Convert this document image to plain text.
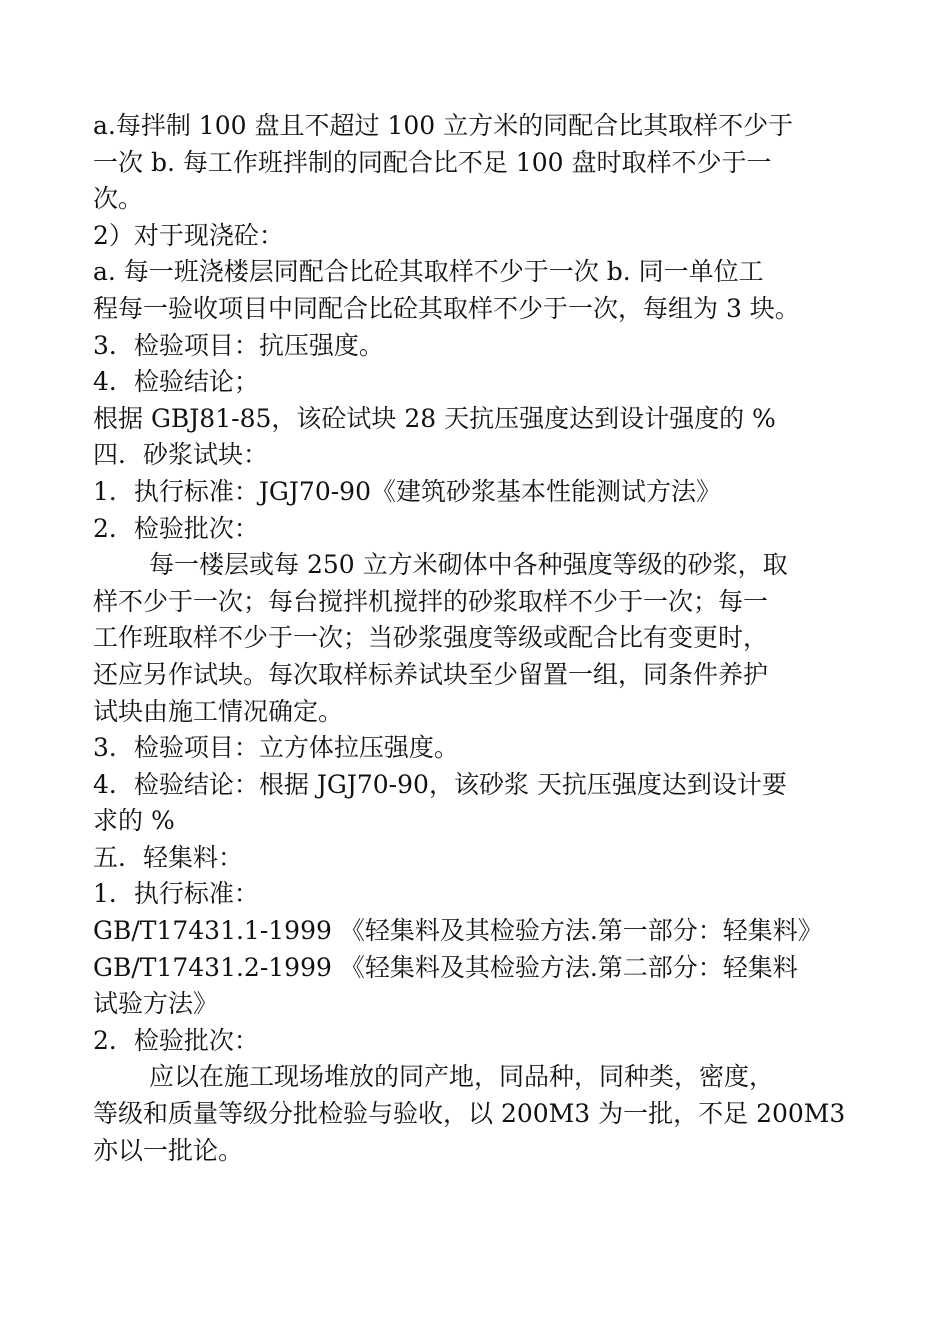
a.每拌制 100 盘且不超过 100 立方米的同配合比其取样不少于
一次 b. 每工作班拌制的同配合比不足 100 盘时取样不少于一
次。
2）对于现浇砼：
a. 每一班浇楼层同配合比砼其取样不少于一次 b. 同一单位工
程每一验收项目中同配合比砼其取样不少于一次，每组为 3 块。
3．检验项目：抗压强度。
4．检验结论；
根据 GBJ81-85，该砼试块 28 天抗压强度达到设计强度的 %
四．砂浆试块：
1．执行标准：JGJ70-90《建筑砂浆基本性能测试方法》
2．检验批次：
每一楼层或每 250 立方米砌体中各种强度等级的砂浆，取
样不少于一次；每台搅拌机搅拌的砂浆取样不少于一次；每一
工作班取样不少于一次；当砂浆强度等级或配合比有变更时，
还应另作试块。每次取样标养试块至少留置一组，同条件养护
试块由施工情况确定。
3．检验项目：立方体拉压强度。
4．检验结论：根据 JGJ70-90，该砂浆 天抗压强度达到设计要
求的 %
五．轻集料：
1．执行标准：
GB/T17431.1-1999 《轻集料及其检验方法.第一部分：轻集料》
GB/T17431.2-1999 《轻集料及其检验方法.第二部分：轻集料
试验方法》
2．检验批次：
应以在施工现场堆放的同产地，同品种，同种类，密度，
等级和质量等级分批检验与验收，以 200M3 为一批，不足 200M3
亦以一批论。
